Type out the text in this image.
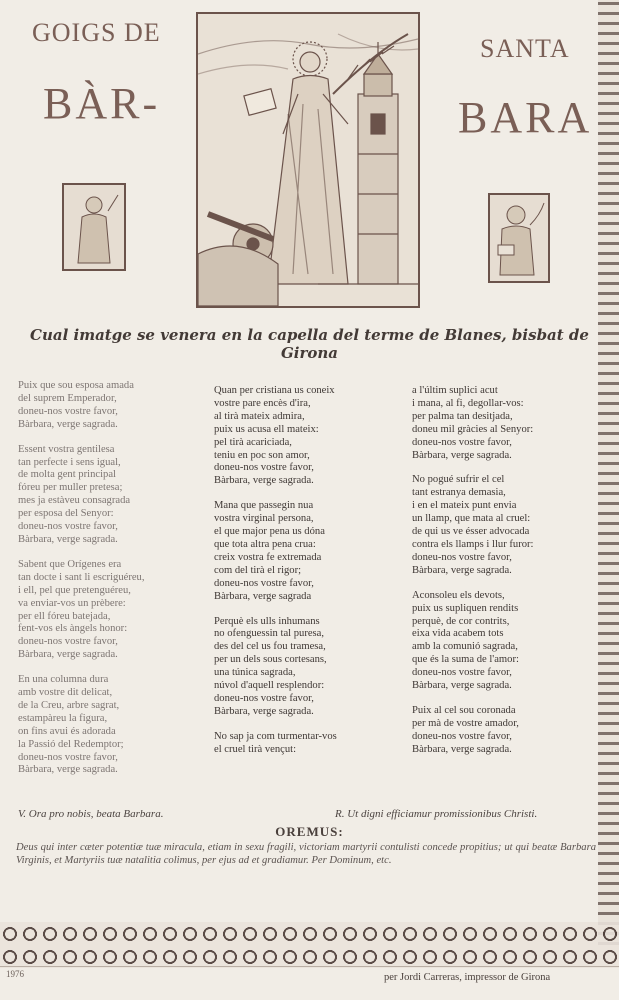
GOIGS DE
BÀR-
SANTA
BARA
Cual imatge se venera en la capella del terme de Blanes, bisbat de Girona

Puix que sou esposa amada
del suprem Emperador,
doneu-nos vostre favor,
Bàrbara, verge sagrada.

Essent vostra gentilesa
tan perfecte i sens igual,
de molta gent principal
fóreu per muller pretesa;
mes ja estàveu consagrada
per esposa del Senyor:
doneu-nos vostre favor,
Bàrbara, verge sagrada.

Sabent que Orígenes era
tan docte i sant li escriguéreu,
i ell, pel que pretenguéreu,
va enviar-vos un prèbere:
per ell fóreu batejada,
fent-vos els àngels honor:
doneu-nos vostre favor,
Bàrbara, verge sagrada.

En una columna dura
amb vostre dit delicat,
de la Creu, arbre sagrat,
estampàreu la figura,
on fins avui és adorada
la Passió del Redemptor;
doneu-nos vostre favor,
Bàrbara, verge sagrada.

Quan per cristiana us coneix
vostre pare encès d'ira,
al tirà mateix admira,
puix us acusa ell mateix:
pel tirà acariciada,
teniu en poc son amor,
doneu-nos vostre favor,
Bàrbara, verge sagrada.

Mana que passegin nua
vostra virginal persona,
el que major pena us dóna
que tota altra pena crua:
creix vostra fe extremada
com del tirà el rigor;
doneu-nos vostre favor,
Bàrbara, verge sagrada

Perquè els ulls inhumans
no ofenguessin tal puresa,
des del cel us fou tramesa,
per un dels sous cortesans,
una túnica sagrada,
núvol d'aquell resplendor:
doneu-nos vostre favor,
Bàrbara, verge sagrada.

No sap ja com turmentar-vos
el cruel tirà vençut:

a l'últim suplici acut
i mana, al fi, degollar-vos:
per palma tan desitjada,
doneu mil gràcies al Senyor:
doneu-nos vostre favor,
Bàrbara, verge sagrada.

No pogué sufrir el cel
tant estranya demasia,
i en el mateix punt envia
un llamp, que mata al cruel:
de qui us ve ésser advocada
contra els llamps i llur furor:
doneu-nos vostre favor,
Bàrbara, verge sagrada.

Aconsoleu els devots,
puix us supliquen rendits
perquè, de cor contrits,
eixa vida acabem tots
amb la comunió sagrada,
que és la suma de l'amor:
doneu-nos vostre favor,
Bàrbara, verge sagrada.

Puix al cel sou coronada
per mà de vostre amador,
doneu-nos vostre favor,
Bàrbara, verge sagrada.

V. Ora pro nobis, beata Barbara.	R. Ut digni efficiamur promissionibus Christi.
OREMUS:
Deus qui inter cæter potentiæ tuæ miracula, etiam in sexu fragili, victoriam martyrii contulisti concede propitius; ut qui beatæ Barbara Virginis, et Martyriis tuæ natalitia colimus, per ejus ad et gradiamur. Per Dominum, etc.
1976	per Jordi Carreras, impressor de Girona
